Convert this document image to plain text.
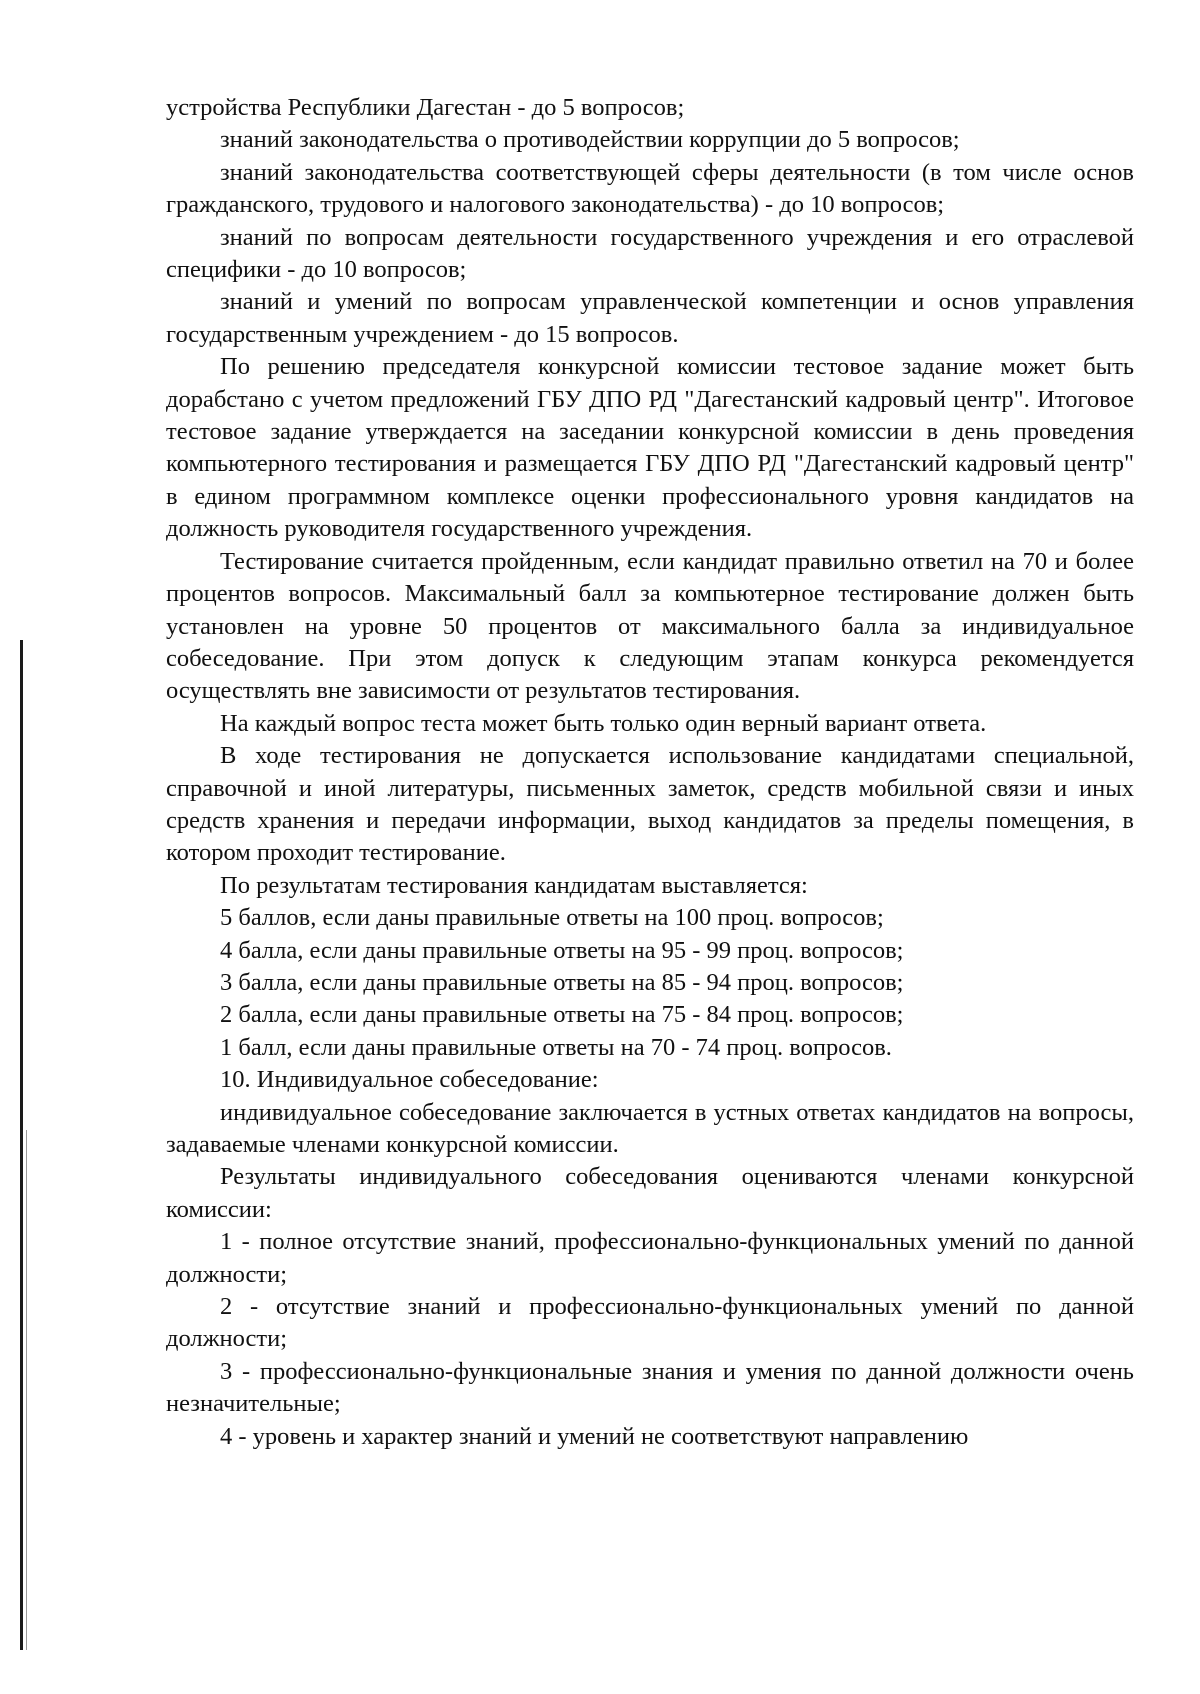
устройства Республики Дагестан - до 5 вопросов;

знаний законодательства о противодействии коррупции до 5 вопросов;

знаний законодательства соответствующей сферы деятельности (в том числе основ гражданского, трудового и налогового законодательства) - до 10 вопросов;

знаний по вопросам деятельности государственного учреждения и его отраслевой специфики - до 10 вопросов;

знаний и умений по вопросам управленческой компетенции и основ управления государственным учреждением - до 15 вопросов.

По решению председателя конкурсной комиссии тестовое задание может быть дорабстано с учетом предложений ГБУ ДПО РД "Дагестанский кадровый центр". Итоговое тестовое задание утверждается на заседании конкурсной комиссии в день проведения компьютерного тестирования и размещается ГБУ ДПО РД "Дагестанский кадровый центр" в едином программном комплексе оценки профессионального уровня кандидатов на должность руководителя государственного учреждения.

Тестирование считается пройденным, если кандидат правильно ответил на 70 и более процентов вопросов. Максимальный балл за компьютерное тестирование должен быть установлен на уровне 50 процентов от максимального балла за индивидуальное собеседование. При этом допуск к следующим этапам конкурса рекомендуется осуществлять вне зависимости от результатов тестирования.

На каждый вопрос теста может быть только один верный вариант ответа.

В ходе тестирования не допускается использование кандидатами специальной, справочной и иной литературы, письменных заметок, средств мобильной связи и иных средств хранения и передачи информации, выход кандидатов за пределы помещения, в котором проходит тестирование.

По результатам тестирования кандидатам выставляется:

5 баллов, если даны правильные ответы на 100 проц. вопросов;

4 балла, если даны правильные ответы на 95 - 99 проц. вопросов;

3 балла, если даны правильные ответы на 85 - 94 проц. вопросов;

2 балла, если даны правильные ответы на 75 - 84 проц. вопросов;

1 балл, если даны правильные ответы на 70 - 74 проц. вопросов.

10. Индивидуальное собеседование:

индивидуальное собеседование заключается в устных ответах кандидатов на вопросы, задаваемые членами конкурсной комиссии.

Результаты индивидуального собеседования оцениваются членами конкурсной комиссии:

1 - полное отсутствие знаний, профессионально-функциональных умений по данной должности;

2 - отсутствие знаний и профессионально-функциональных умений по данной должности;

3 - профессионально-функциональные знания и умения по данной должности очень незначительные;

4 - уровень и характер знаний и умений не соответствуют направлению
